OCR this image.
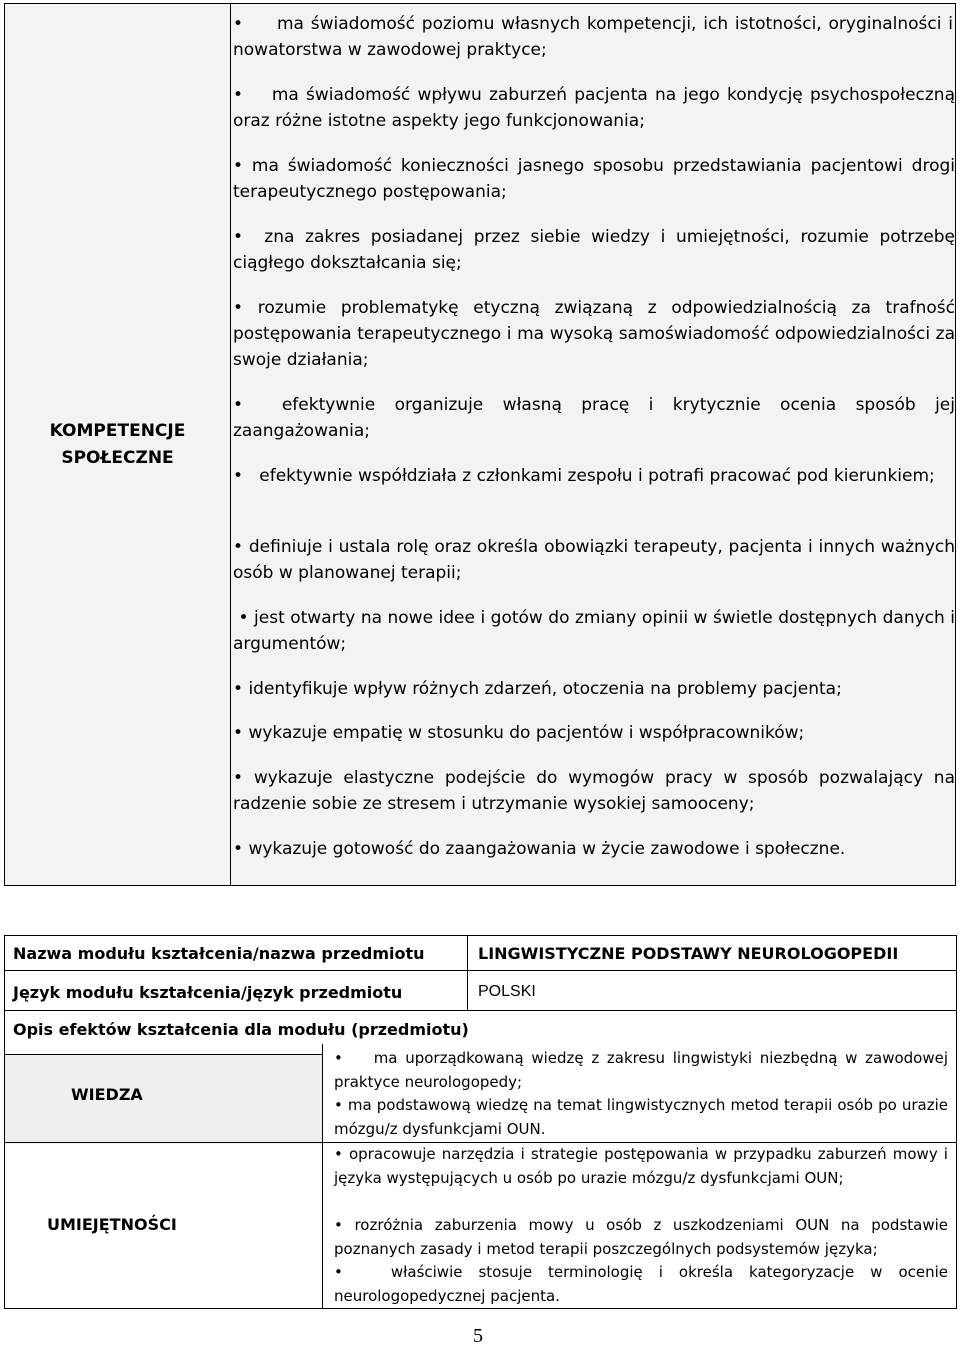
KOMPETENCJE
SPOŁECZNE
• ma świadomość poziomu własnych kompetencji, ich istotności, oryginalności i nowatorstwa w zawodowej praktyce;
• ma świadomość wpływu zaburzeń pacjenta na jego kondycję psychospołeczną oraz różne istotne aspekty jego funkcjonowania;
• ma świadomość konieczności jasnego sposobu przedstawiania pacjentowi drogi terapeutycznego postępowania;
• zna zakres posiadanej przez siebie wiedzy i umiejętności, rozumie potrzebę ciągłego dokształcania się;
• rozumie problematykę etyczną związaną z odpowiedzialnością za trafność postępowania terapeutycznego i ma wysoką samoświadomość odpowiedzialności za swoje działania;
• efektywnie organizuje własną pracę i krytycznie ocenia sposób jej zaangażowania;
• efektywnie współdziała z członkami zespołu i potrafi pracować pod kierunkiem;
• definiuje i ustala rolę oraz określa obowiązki terapeuty, pacjenta i innych ważnych osób w planowanej terapii;
• jest otwarty na nowe idee i gotów do zmiany opinii w świetle dostępnych danych i argumentów;
• identyfikuje wpływ różnych zdarzeń, otoczenia na problemy pacjenta;
• wykazuje empatię w stosunku do pacjentów i współpracowników;
• wykazuje elastyczne podejście do wymogów pracy w sposób pozwalający na radzenie sobie ze stresem i utrzymanie wysokiej samooceny;
• wykazuje gotowość do zaangażowania w życie zawodowe i społeczne.
Nazwa modułu kształcenia/nazwa przedmiotu	LINGWISTYCZNE PODSTAWY NEUROLOGOPEDII
Język modułu kształcenia/język przedmiotu	POLSKI
Opis efektów kształcenia dla modułu (przedmiotu)
WIEDZA
• ma uporządkowaną wiedzę z zakresu lingwistyki niezbędną w zawodowej praktyce neurologopedy;
• ma podstawową wiedzę na temat lingwistycznych metod terapii osób po urazie mózgu/z dysfunkcjami OUN.
UMIEJĘTNOŚCI
• opracowuje narzędzia i strategie postępowania w przypadku zaburzeń mowy i języka występujących u osób po urazie mózgu/z dysfunkcjami OUN;
• rozróżnia zaburzenia mowy u osób z uszkodzeniami OUN na podstawie poznanych zasady i metod terapii poszczególnych podsystemów języka;
•	właściwie stosuje terminologię i określa kategoryzacje w ocenie neurologopedycznej pacjenta.
5
